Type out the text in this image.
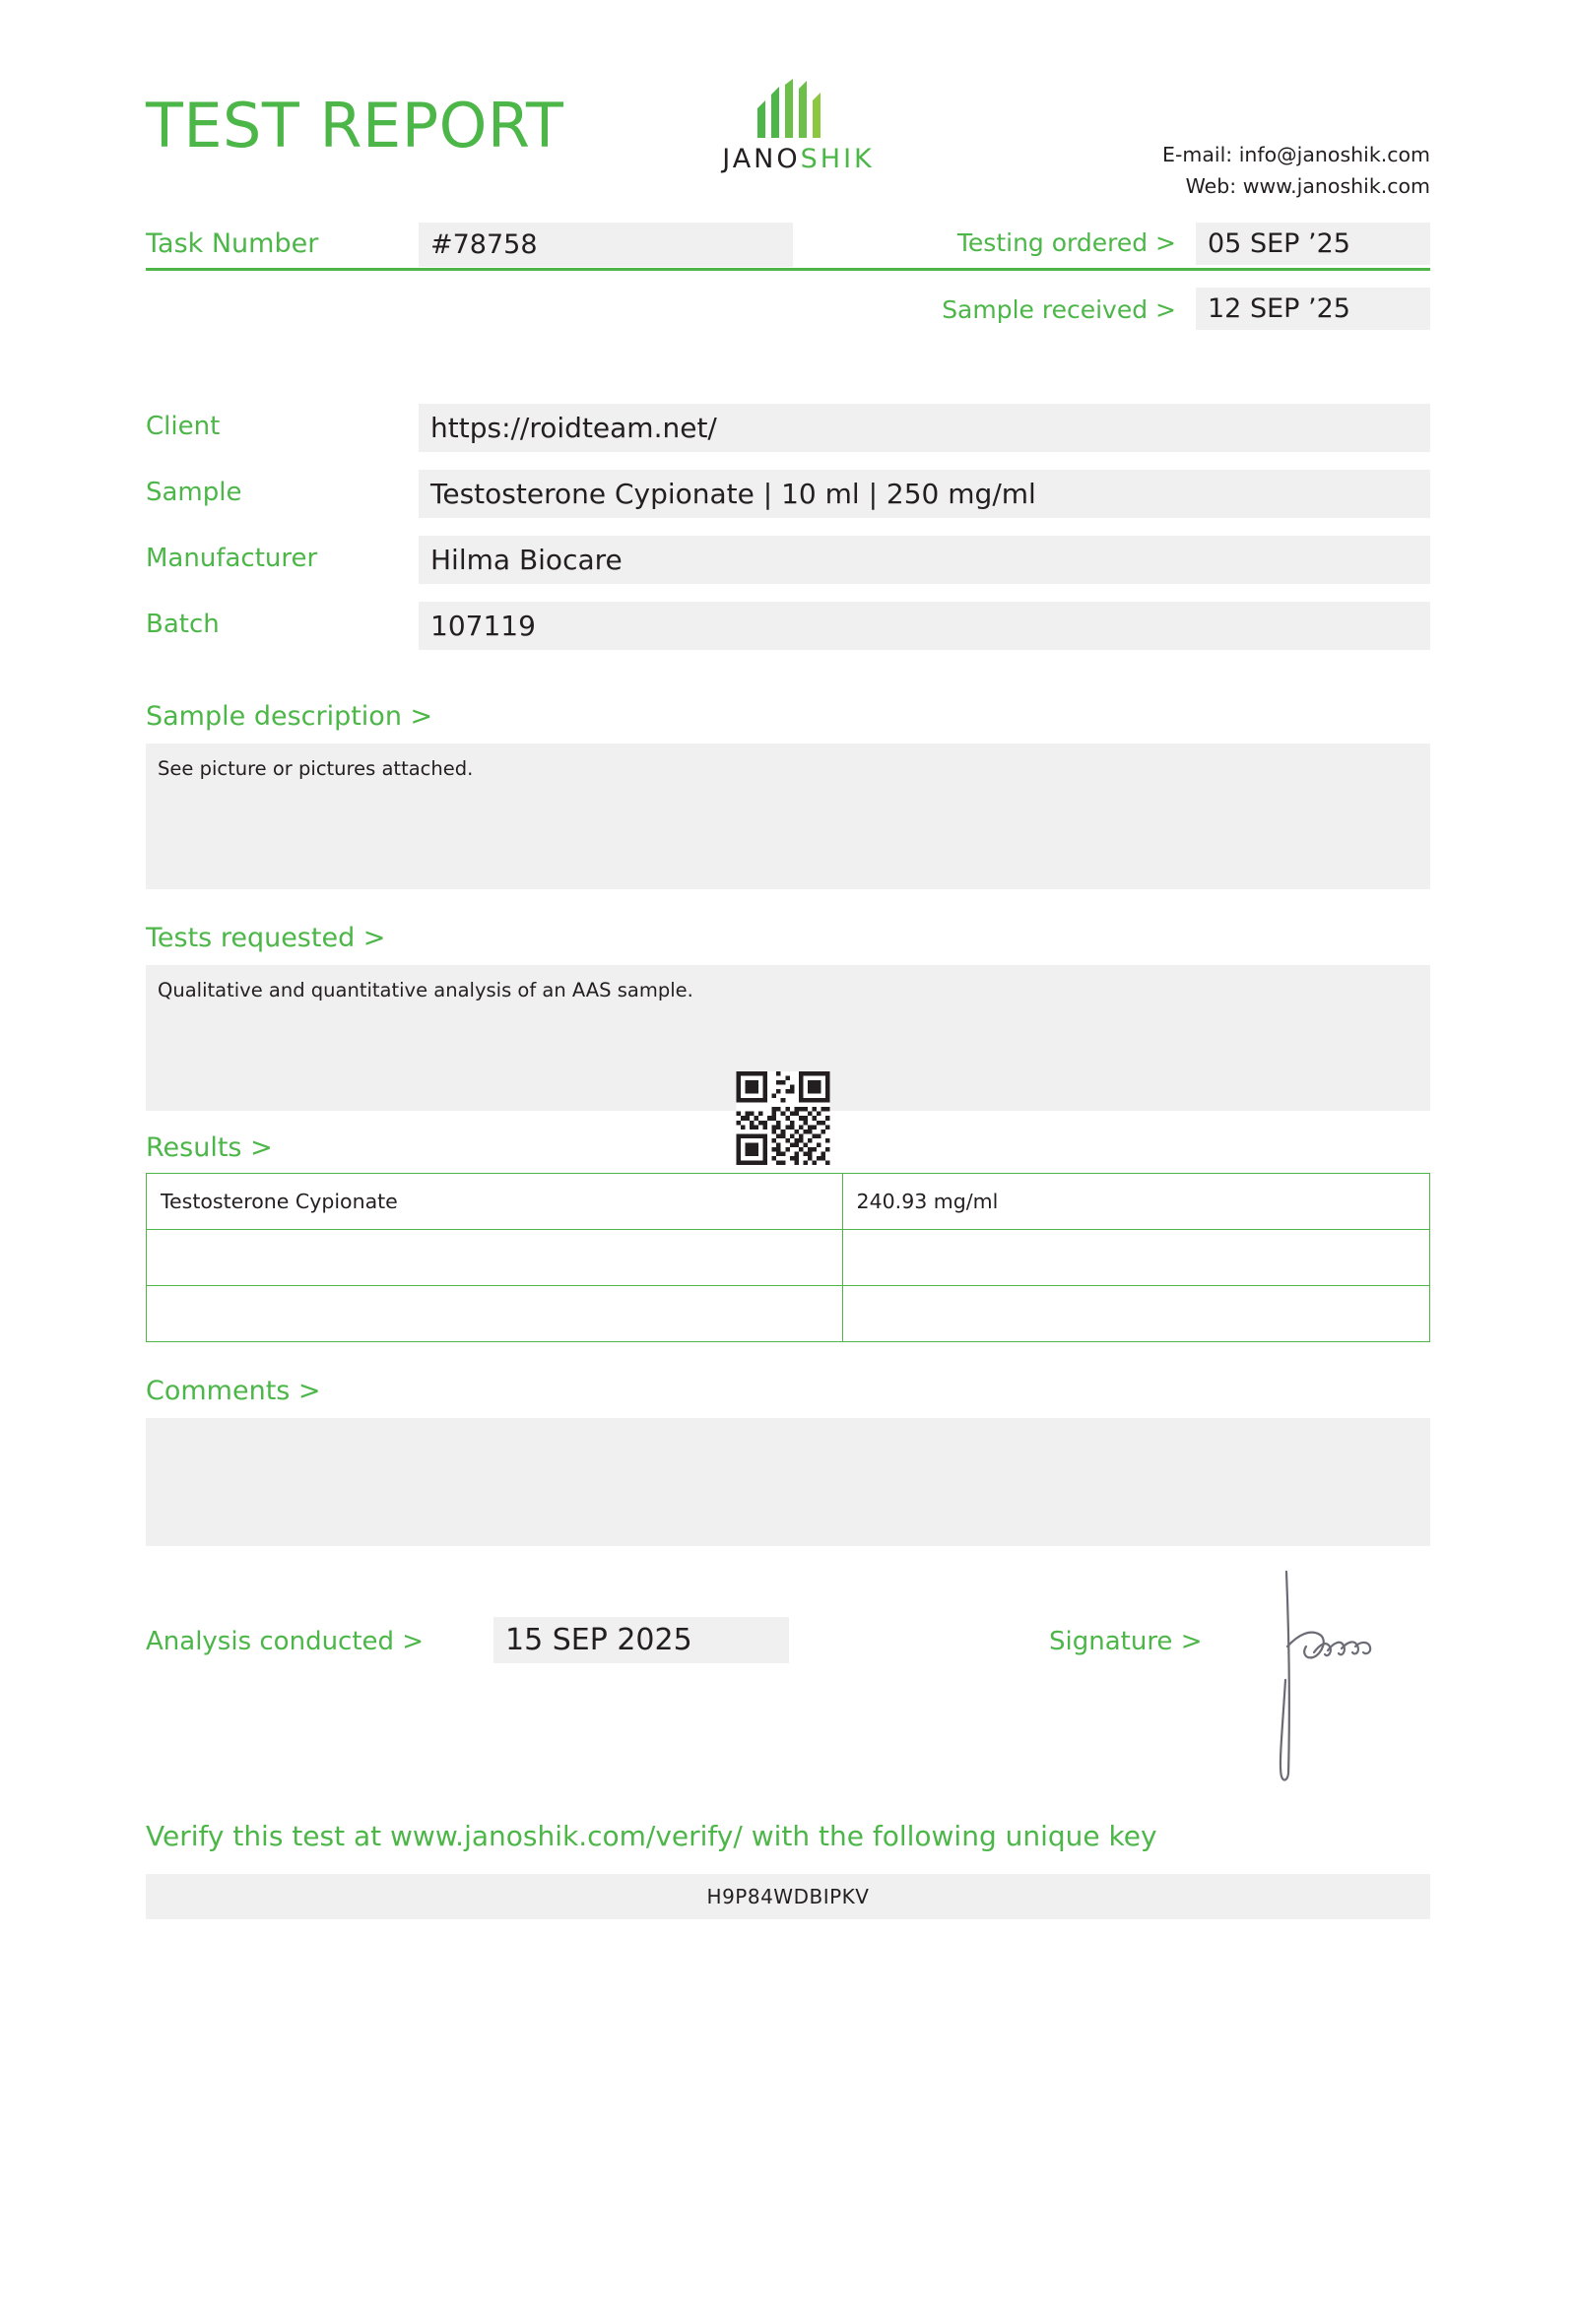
TEST REPORT	JANOSHIK	E-mail: info@janoshik.com
Web: www.janoshik.com
Task Number	#78758	Testing ordered >	05 SEP ’25
Sample received >	12 SEP ’25
Client	https://roidteam.net/
Sample	Testosterone Cypionate | 10 ml | 250 mg/ml
Manufacturer	Hilma Biocare
Batch	107119
Sample description >
See picture or pictures attached.
Tests requested >
Qualitative and quantitative analysis of an AAS sample.
Results >
Testosterone Cypionate	240.93 mg/ml

Comments >
Analysis conducted >	15 SEP 2025	Signature >
Verify this test at www.janoshik.com/verify/ with the following unique key
H9P84WDBIPKV
